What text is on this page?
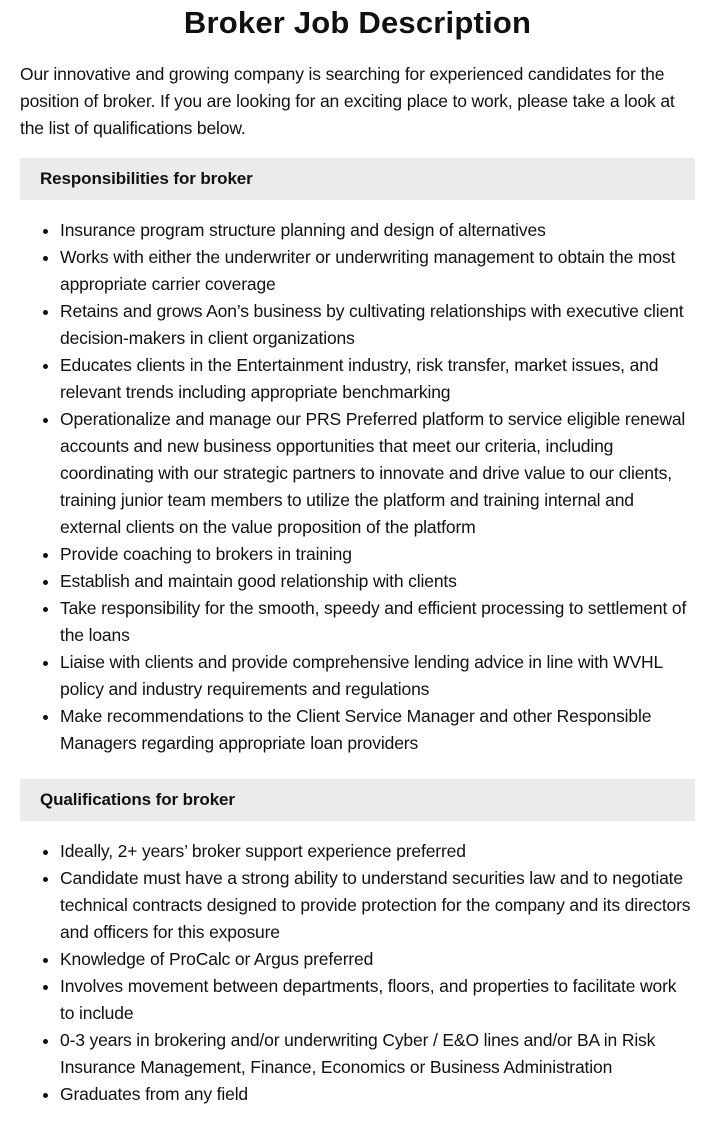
Broker Job Description

Our innovative and growing company is searching for experienced candidates for the position of broker. If you are looking for an exciting place to work, please take a look at the list of qualifications below.

Responsibilities for broker
Insurance program structure planning and design of alternatives
Works with either the underwriter or underwriting management to obtain the most appropriate carrier coverage
Retains and grows Aon’s business by cultivating relationships with executive client decision-makers in client organizations
Educates clients in the Entertainment industry, risk transfer, market issues, and relevant trends including appropriate benchmarking
Operationalize and manage our PRS Preferred platform to service eligible renewal accounts and new business opportunities that meet our criteria, including coordinating with our strategic partners to innovate and drive value to our clients, training junior team members to utilize the platform and training internal and external clients on the value proposition of the platform
Provide coaching to brokers in training
Establish and maintain good relationship with clients
Take responsibility for the smooth, speedy and efficient processing to settlement of the loans
Liaise with clients and provide comprehensive lending advice in line with WVHL policy and industry requirements and regulations
Make recommendations to the Client Service Manager and other Responsible Managers regarding appropriate loan providers
Qualifications for broker
Ideally, 2+ years’ broker support experience preferred
Candidate must have a strong ability to understand securities law and to negotiate technical contracts designed to provide protection for the company and its directors and officers for this exposure
Knowledge of ProCalc or Argus preferred
Involves movement between departments, floors, and properties to facilitate work to include
0-3 years in brokering and/or underwriting Cyber / E&O lines and/or BA in Risk Insurance Management, Finance, Economics or Business Administration
Graduates from any field
